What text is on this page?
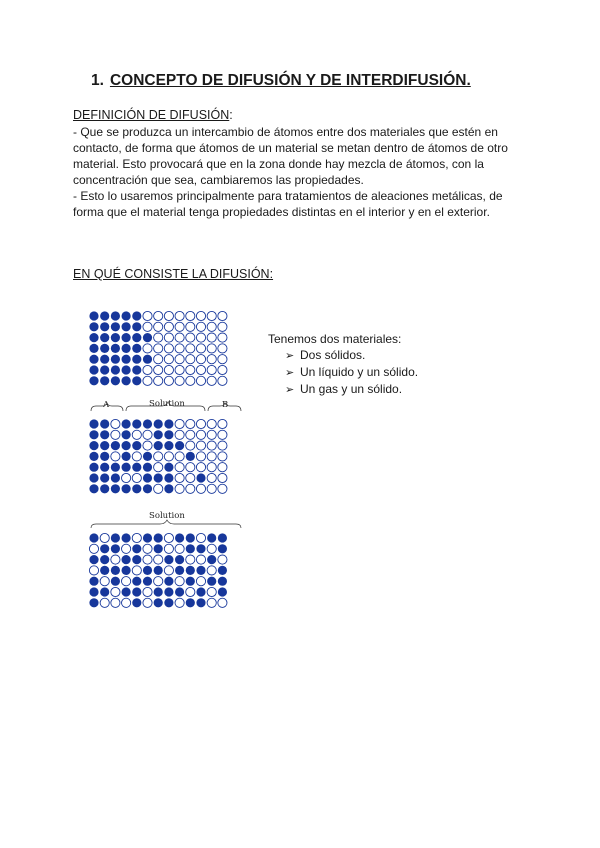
1. CONCEPTO DE DIFUSIÓN Y DE INTERDIFUSIÓN.
DEFINICIÓN DE DIFUSIÓN:

- Que se produzca un intercambio de átomos entre dos materiales que estén en contacto, de forma que átomos de un material se metan dentro de átomos de otro material. Esto provocará que en la zona donde hay mezcla de átomos, con la concentración que sea, cambiaremos las propiedades.

- Esto lo usaremos principalmente para tratamientos de aleaciones metálicas, de forma que el material tenga propiedades distintas en el interior y en el exterior.

EN QUÉ CONSISTE LA DIFUSIÓN:
A	Solution	B
Solution
Tenemos dos materiales:
➢ Dos sólidos.
➢ Un líquido y un sólido.
➢ Un gas y un sólido.
